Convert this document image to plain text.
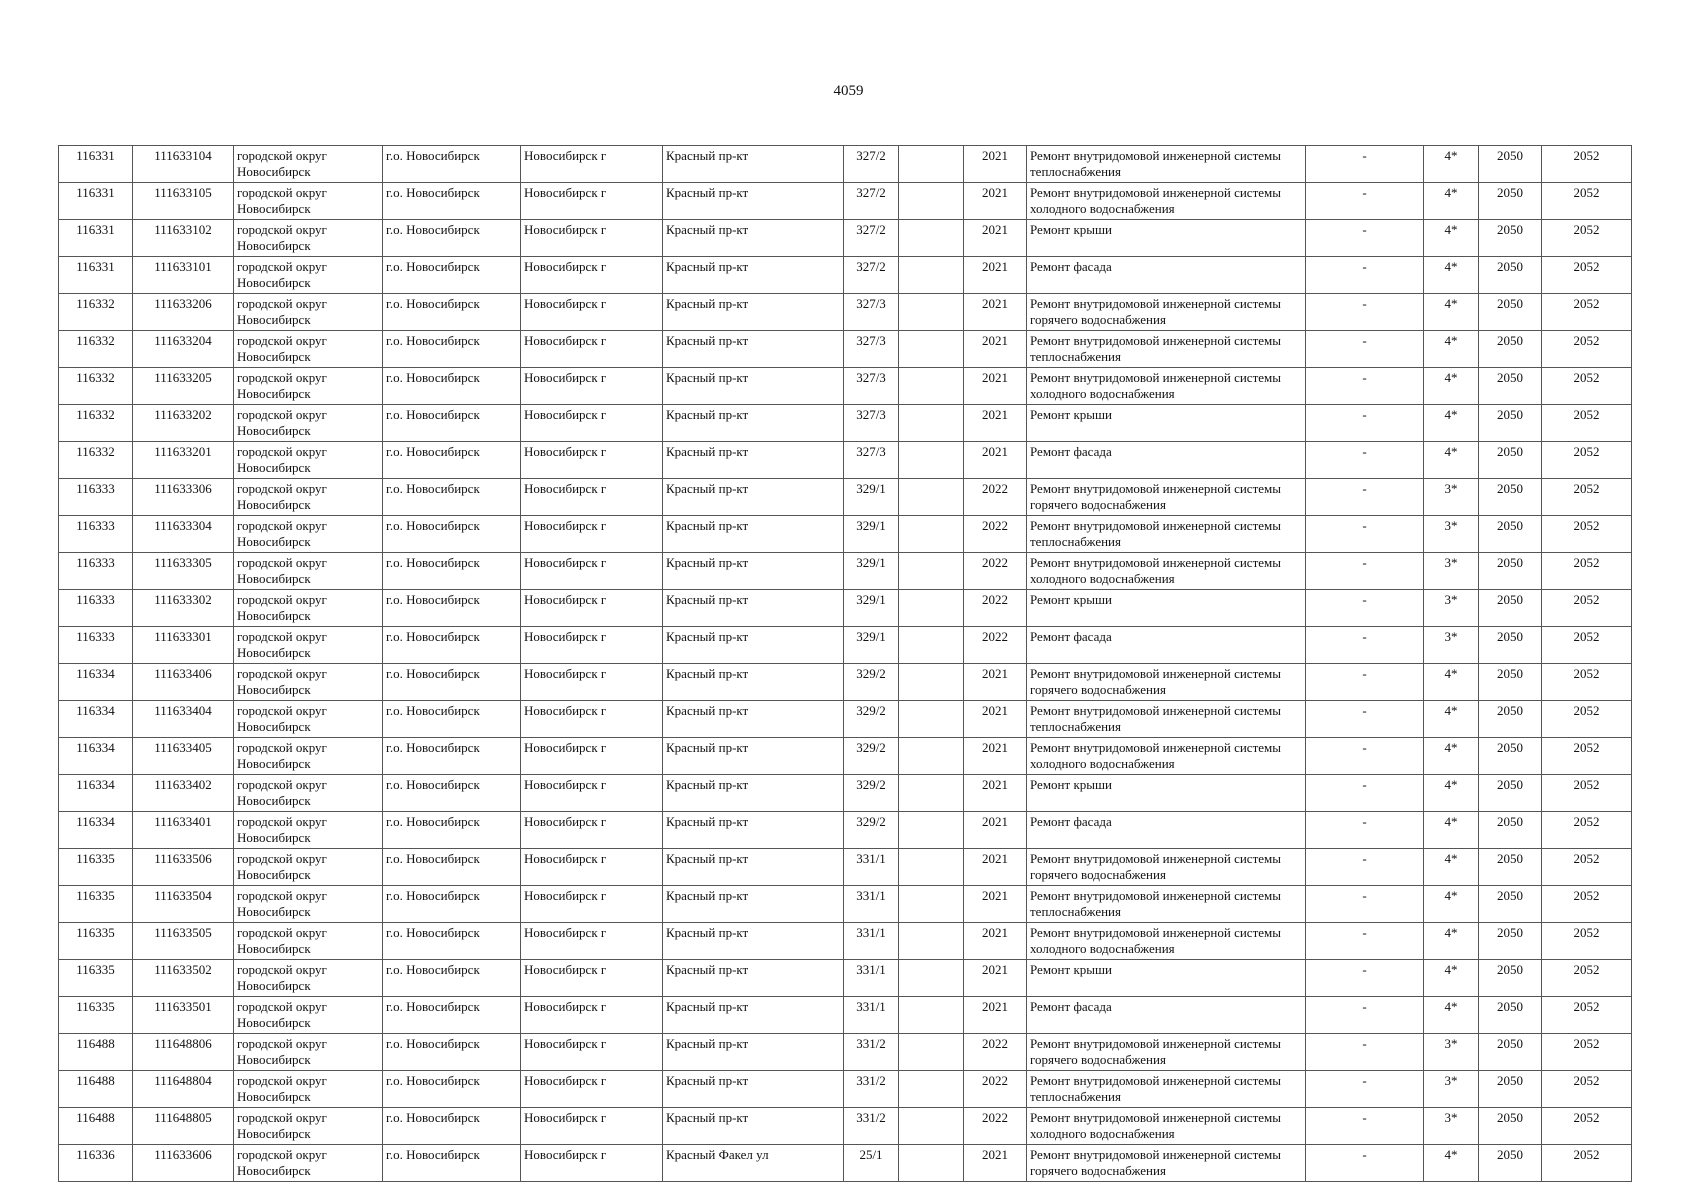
4059
116331	111633104	городской округ Новосибирск	г.о. Новосибирск	Новосибирск г	Красный пр-кт	327/2		2021	Ремонт внутридомовой инженерной системы теплоснабжения	-	4*	2050	2052
116331	111633105	городской округ Новосибирск	г.о. Новосибирск	Новосибирск г	Красный пр-кт	327/2		2021	Ремонт внутридомовой инженерной системы холодного водоснабжения	-	4*	2050	2052
116331	111633102	городской округ Новосибирск	г.о. Новосибирск	Новосибирск г	Красный пр-кт	327/2		2021	Ремонт крыши	-	4*	2050	2052
116331	111633101	городской округ Новосибирск	г.о. Новосибирск	Новосибирск г	Красный пр-кт	327/2		2021	Ремонт фасада	-	4*	2050	2052
116332	111633206	городской округ Новосибирск	г.о. Новосибирск	Новосибирск г	Красный пр-кт	327/3		2021	Ремонт внутридомовой инженерной системы горячего водоснабжения	-	4*	2050	2052
116332	111633204	городской округ Новосибирск	г.о. Новосибирск	Новосибирск г	Красный пр-кт	327/3		2021	Ремонт внутридомовой инженерной системы теплоснабжения	-	4*	2050	2052
116332	111633205	городской округ Новосибирск	г.о. Новосибирск	Новосибирск г	Красный пр-кт	327/3		2021	Ремонт внутридомовой инженерной системы холодного водоснабжения	-	4*	2050	2052
116332	111633202	городской округ Новосибирск	г.о. Новосибирск	Новосибирск г	Красный пр-кт	327/3		2021	Ремонт крыши	-	4*	2050	2052
116332	111633201	городской округ Новосибирск	г.о. Новосибирск	Новосибирск г	Красный пр-кт	327/3		2021	Ремонт фасада	-	4*	2050	2052
116333	111633306	городской округ Новосибирск	г.о. Новосибирск	Новосибирск г	Красный пр-кт	329/1		2022	Ремонт внутридомовой инженерной системы горячего водоснабжения	-	3*	2050	2052
116333	111633304	городской округ Новосибирск	г.о. Новосибирск	Новосибирск г	Красный пр-кт	329/1		2022	Ремонт внутридомовой инженерной системы теплоснабжения	-	3*	2050	2052
116333	111633305	городской округ Новосибирск	г.о. Новосибирск	Новосибирск г	Красный пр-кт	329/1		2022	Ремонт внутридомовой инженерной системы холодного водоснабжения	-	3*	2050	2052
116333	111633302	городской округ Новосибирск	г.о. Новосибирск	Новосибирск г	Красный пр-кт	329/1		2022	Ремонт крыши	-	3*	2050	2052
116333	111633301	городской округ Новосибирск	г.о. Новосибирск	Новосибирск г	Красный пр-кт	329/1		2022	Ремонт фасада	-	3*	2050	2052
116334	111633406	городской округ Новосибирск	г.о. Новосибирск	Новосибирск г	Красный пр-кт	329/2		2021	Ремонт внутридомовой инженерной системы горячего водоснабжения	-	4*	2050	2052
116334	111633404	городской округ Новосибирск	г.о. Новосибирск	Новосибирск г	Красный пр-кт	329/2		2021	Ремонт внутридомовой инженерной системы теплоснабжения	-	4*	2050	2052
116334	111633405	городской округ Новосибирск	г.о. Новосибирск	Новосибирск г	Красный пр-кт	329/2		2021	Ремонт внутридомовой инженерной системы холодного водоснабжения	-	4*	2050	2052
116334	111633402	городской округ Новосибирск	г.о. Новосибирск	Новосибирск г	Красный пр-кт	329/2		2021	Ремонт крыши	-	4*	2050	2052
116334	111633401	городской округ Новосибирск	г.о. Новосибирск	Новосибирск г	Красный пр-кт	329/2		2021	Ремонт фасада	-	4*	2050	2052
116335	111633506	городской округ Новосибирск	г.о. Новосибирск	Новосибирск г	Красный пр-кт	331/1		2021	Ремонт внутридомовой инженерной системы горячего водоснабжения	-	4*	2050	2052
116335	111633504	городской округ Новосибирск	г.о. Новосибирск	Новосибирск г	Красный пр-кт	331/1		2021	Ремонт внутридомовой инженерной системы теплоснабжения	-	4*	2050	2052
116335	111633505	городской округ Новосибирск	г.о. Новосибирск	Новосибирск г	Красный пр-кт	331/1		2021	Ремонт внутридомовой инженерной системы холодного водоснабжения	-	4*	2050	2052
116335	111633502	городской округ Новосибирск	г.о. Новосибирск	Новосибирск г	Красный пр-кт	331/1		2021	Ремонт крыши	-	4*	2050	2052
116335	111633501	городской округ Новосибирск	г.о. Новосибирск	Новосибирск г	Красный пр-кт	331/1		2021	Ремонт фасада	-	4*	2050	2052
116488	111648806	городской округ Новосибирск	г.о. Новосибирск	Новосибирск г	Красный пр-кт	331/2		2022	Ремонт внутридомовой инженерной системы горячего водоснабжения	-	3*	2050	2052
116488	111648804	городской округ Новосибирск	г.о. Новосибирск	Новосибирск г	Красный пр-кт	331/2		2022	Ремонт внутридомовой инженерной системы теплоснабжения	-	3*	2050	2052
116488	111648805	городской округ Новосибирск	г.о. Новосибирск	Новосибирск г	Красный пр-кт	331/2		2022	Ремонт внутридомовой инженерной системы холодного водоснабжения	-	3*	2050	2052
116336	111633606	городской округ Новосибирск	г.о. Новосибирск	Новосибирск г	Красный Факел ул	25/1		2021	Ремонт внутридомовой инженерной системы горячего водоснабжения	-	4*	2050	2052
